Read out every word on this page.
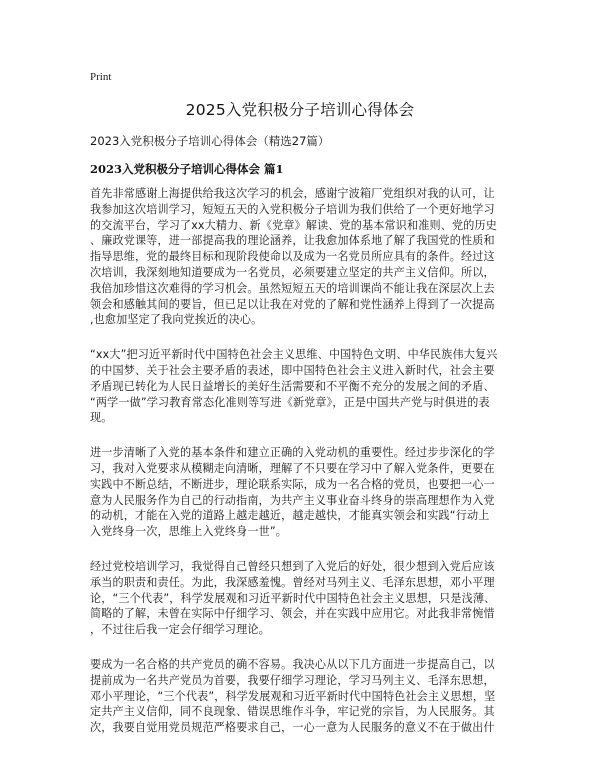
Print
2025入党积极分子培训心得体会
2023入党积极分子培训心得体会（精选27篇）
2023入党积极分子培训心得体会 篇1
首先非常感谢上海提供给我这次学习的机会，感谢宁波箱厂党组织对我的认可，让
我参加这次培训学习，短短五天的入党积极分子培训为我们供给了一个更好地学习
的交流平台，学习了xx大精力、新《党章》解读、党的基本常识和准则、党的历史
、廉政党课等，进一部提高我的理论涵养，让我愈加体系地了解了我国党的性质和
指导思维，党的最终目标和现阶段使命以及成为一名党员所应具有的条件。经过这
次培训，我深刻地知道要成为一名党员，必须要建立坚定的共产主义信仰。所以，
我倍加珍惜这次难得的学习机会。虽然短短五天的培训课尚不能让我在深层次上去
领会和感触其间的要旨，但已足以让我在对党的了解和党性涵养上得到了一次提高
,也愈加坚定了我向党挨近的决心。
“xx大”把习近平新时代中国特色社会主义思维、中国特色文明、中华民族伟大复兴
的中国梦、关于社会主要矛盾的表述，即中国特色社会主义进入新时代，社会主要
矛盾现已转化为人民日益增长的美好生活需要和不平衡不充分的发展之间的矛盾、
“两学一做”学习教育常态化准则等写进《新党章》，正是中国共产党与时俱进的表
现。
进一步清晰了入党的基本条件和建立正确的入党动机的重要性。经过步步深化的学
习，我对入党要求从模糊走向清晰，理解了不只要在学习中了解入党条件，更要在
实践中不断总结，不断进步，理论联系实际，成为一名合格的党员，也要把一心一
意为人民服务作为自己的行动指南，为共产主义事业奋斗终身的崇高理想作为入党
的动机，才能在入党的道路上越走越近，越走越快，才能真实领会和实践“行动上
入党终身一次，思维上入党终身一世”。
经过党校培训学习，我觉得自己曾经只想到了入党后的好处，很少想到入党后应该
承当的职责和责任。为此，我深感羞愧。曾经对马列主义、毛泽东思想，邓小平理
论，“三个代表”，科学发展观和习近平新时代中国特色社会主义思想，只是浅薄、
简略的了解，未曾在实际中仔细学习、领会，并在实践中应用它。对此我非常惋惜
，不过往后我一定会仔细学习理论。
要成为一名合格的共产党员的确不容易。我决心从以下几方面进一步提高自己，以
提前成为一名共产党员为首要，我要仔细学习理论，学习马列主义、毛泽东思想，
邓小平理论，“三个代表”，科学发展观和习近平新时代中国特色社会主义思想，坚
定共产主义信仰，同不良现象、错误思维作斗争，牢记党的宗旨，为人民服务。其
次，我要自觉用党员规范严格要求自己，一心一意为人民服务的意义不在于做出什
